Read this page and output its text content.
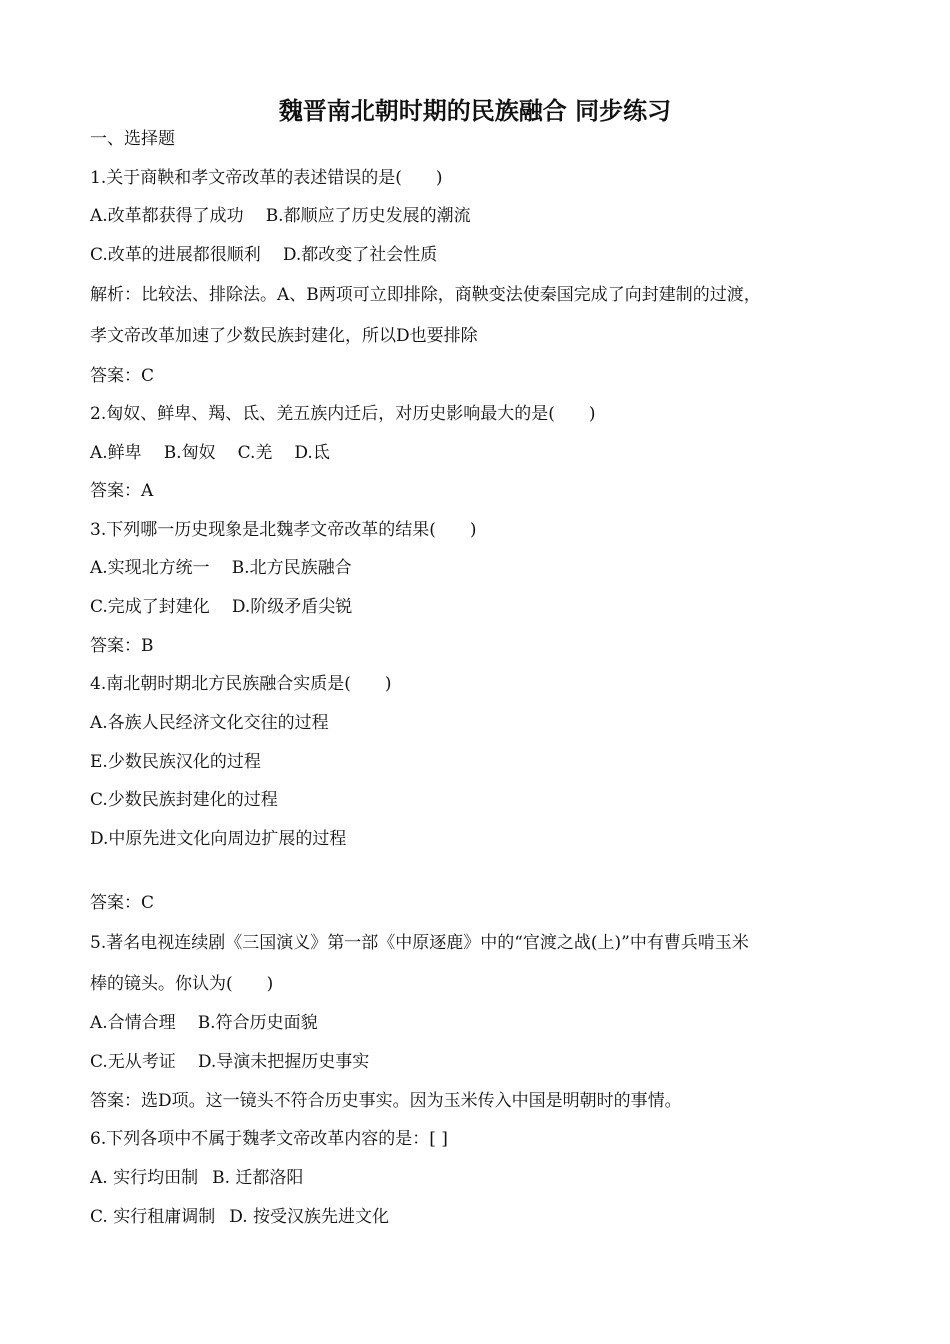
魏晋南北朝时期的民族融合 同步练习
一、选择题
1.关于商鞅和孝文帝改革的表述错误的是(　　)
A.改革都获得了成功 B.都顺应了历史发展的潮流
C.改革的进展都很顺利 D.都改变了社会性质
解析：比较法、排除法。A、B两项可立即排除，商鞅变法使秦国完成了向封建制的过渡，
孝文帝改革加速了少数民族封建化，所以D也要排除
答案：C
2.匈奴、鲜卑、羯、氐、羌五族内迁后，对历史影响最大的是(　　)
A.鲜卑 B.匈奴 C.羌 D.氐
答案：A
3.下列哪一历史现象是北魏孝文帝改革的结果(　　)
A.实现北方统一 B.北方民族融合
C.完成了封建化 D.阶级矛盾尖锐
答案：B
4.南北朝时期北方民族融合实质是(　　)
A.各族人民经济文化交往的过程
E.少数民族汉化的过程
C.少数民族封建化的过程
D.中原先进文化向周边扩展的过程
答案：C
5.著名电视连续剧《三国演义》第一部《中原逐鹿》中的“官渡之战(上)”中有曹兵啃玉米
棒的镜头。你认为(　　)
A.合情合理 B.符合历史面貌
C.无从考证 D.导演未把握历史事实
答案：选D项。这一镜头不符合历史事实。因为玉米传入中国是明朝时的事情。
6.下列各项中不属于魏孝文帝改革内容的是：[ ]
A. 实行均田制 B. 迁都洛阳
C. 实行租庸调制 D. 按受汉族先进文化
